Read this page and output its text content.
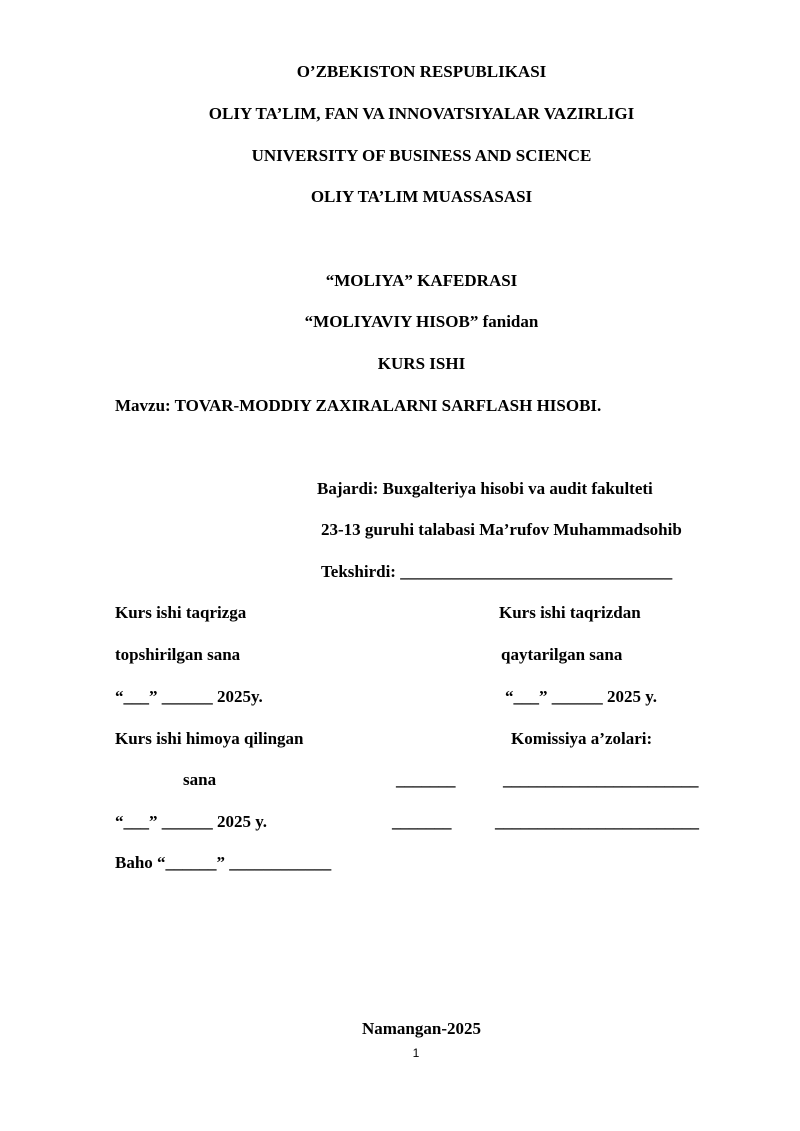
O’ZBEKISTON RESPUBLIKASI
OLIY TA’LIM, FAN VA INNOVATSIYALAR VAZIRLIGI
UNIVERSITY OF BUSINESS AND SCIENCE
OLIY TA’LIM MUASSASASI
“MOLIYA” KAFEDRASI
“MOLIYAVIY HISOB” fanidan
KURS ISHI
Mavzu: TOVAR-MODDIY ZAXIRALARNI SARFLASH HISOBI.
Bajardi: Buxgalteriya hisobi va audit fakulteti
23-13 guruhi talabasi Ma’rufov Muhammadsohib
Tekshirdi: ________________________________
Kurs ishi taqrizga
topshirilgan sana
“___” ______ 2025y.
Kurs ishi taqrizdan
qaytarilgan sana
“___” ______ 2025 y.
Kurs ishi himoya qilingan
sana
“___” ______ 2025 y.
Komissiya a’zolari:
_______	_______________________
_______	________________________
Baho “______” ____________
Namangan-2025
1
